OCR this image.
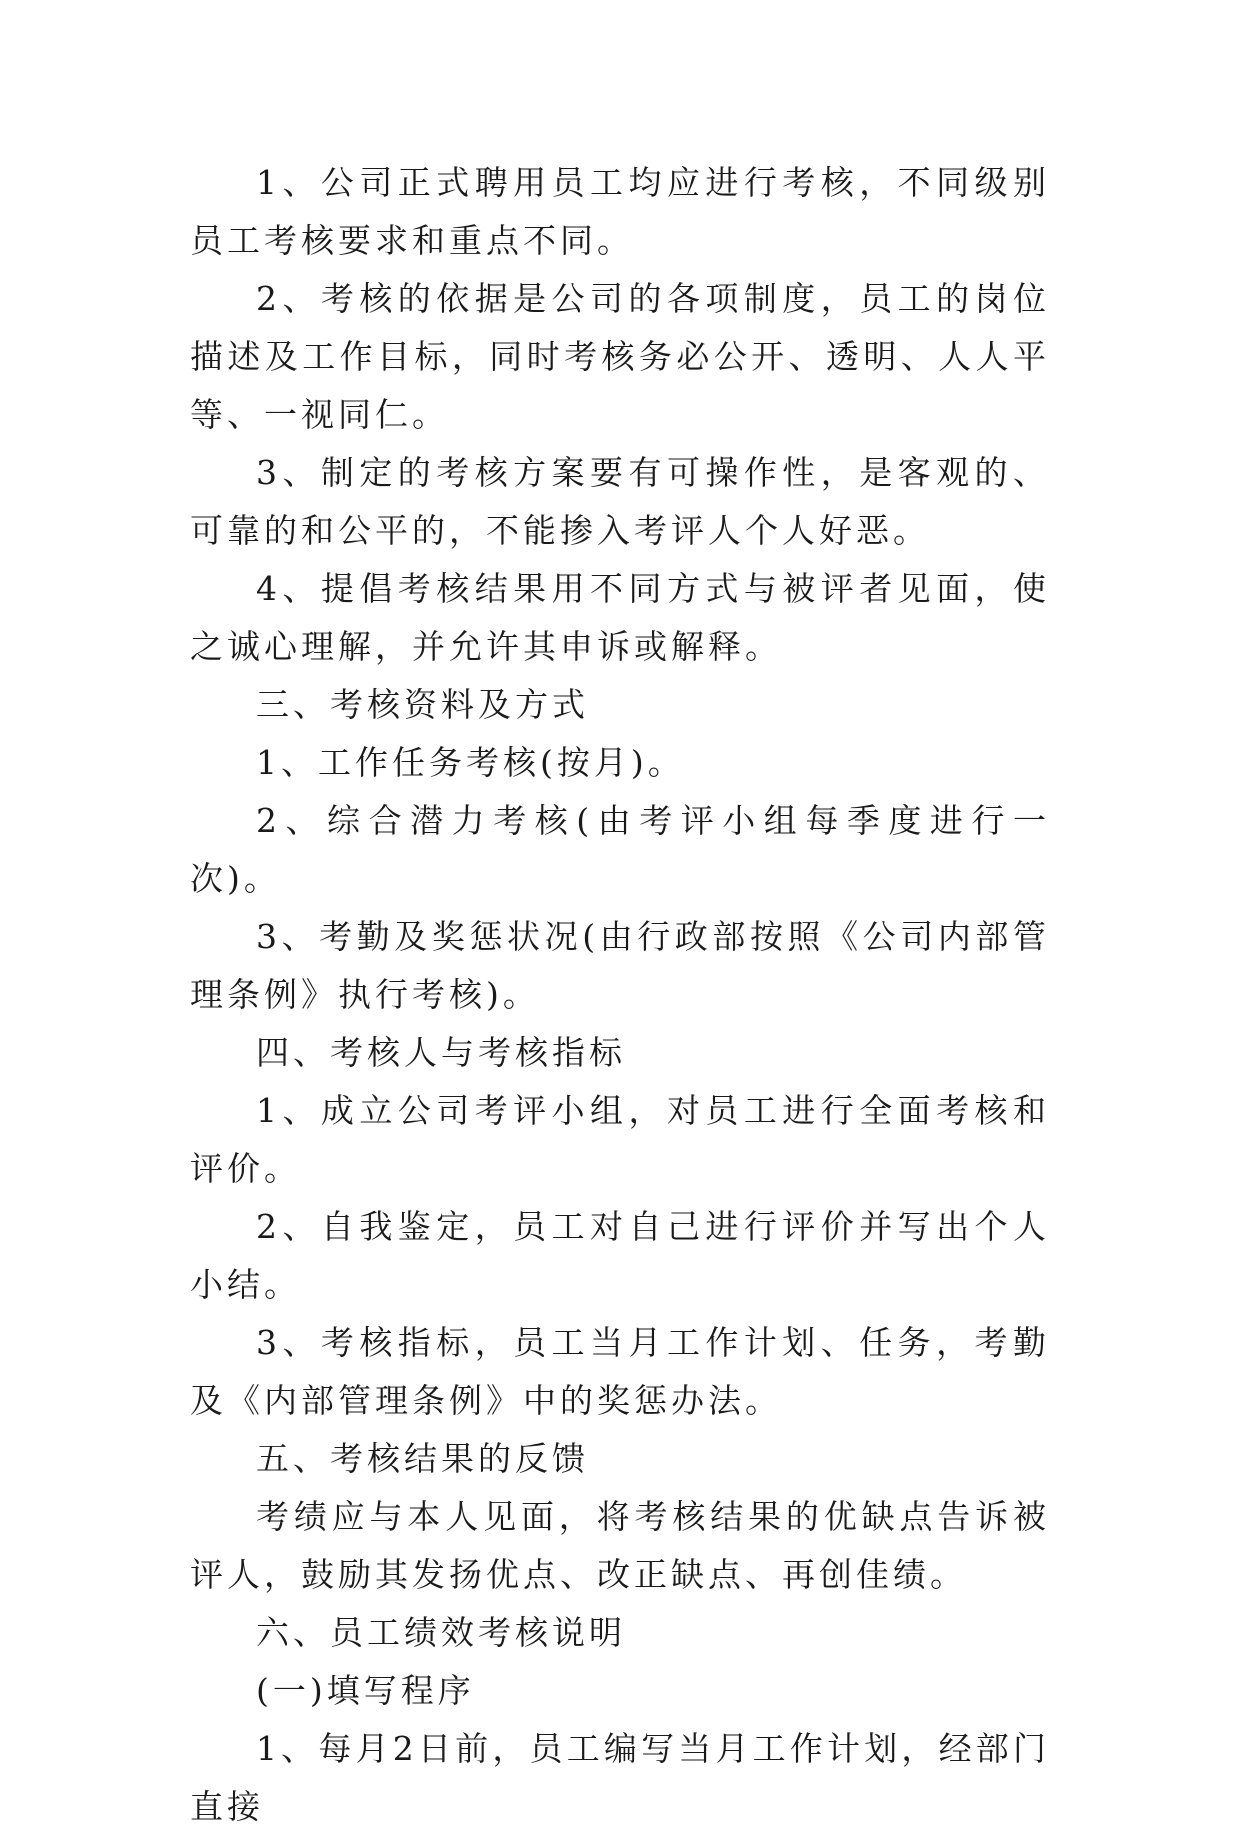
1、公司正式聘用员工均应进行考核，不同级别员工考核要求和重点不同。

2、考核的依据是公司的各项制度，员工的岗位描述及工作目标，同时考核务必公开、透明、人人平等、一视同仁。

3、制定的考核方案要有可操作性，是客观的、可靠的和公平的，不能掺入考评人个人好恶。

4、提倡考核结果用不同方式与被评者见面，使之诚心理解，并允许其申诉或解释。

三、考核资料及方式

1、工作任务考核(按月)。

2、综合潜力考核(由考评小组每季度进行一次)。

3、考勤及奖惩状况(由行政部按照《公司内部管理条例》执行考核)。

四、考核人与考核指标

1、成立公司考评小组，对员工进行全面考核和评价。

2、自我鉴定，员工对自己进行评价并写出个人小结。

3、考核指标，员工当月工作计划、任务，考勤及《内部管理条例》中的奖惩办法。

五、考核结果的反馈

考绩应与本人见面，将考核结果的优缺点告诉被评人，鼓励其发扬优点、改正缺点、再创佳绩。

六、员工绩效考核说明

(一)填写程序

1、每月2日前，员工编写当月工作计划，经部门直接
